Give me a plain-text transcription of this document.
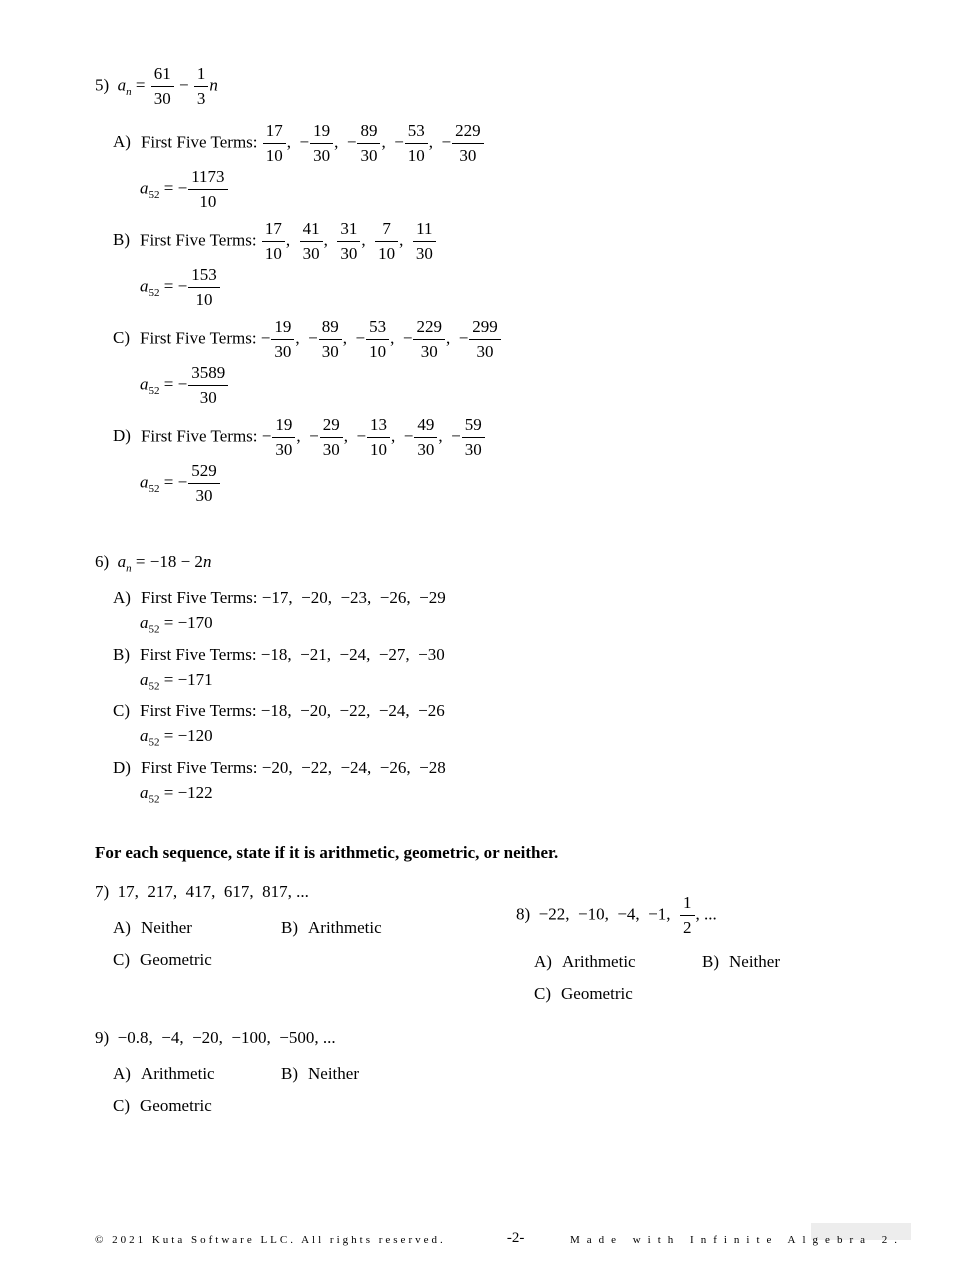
5)  $a_n = \frac{61}{30} - \frac{1}{3}$ n
A) First Five Terms: $\frac{17}{10}$ ,  − $\frac{19}{30}$ ,  − $\frac{89}{30}$ ,  − $\frac{53}{10}$ ,  − $\frac{229}{30}$
$a_{52}$ = − $\frac{1173}{10}$
B) First Five Terms: $\frac{17}{10}$ , $\frac{41}{30}$ , $\frac{31}{30}$ , $\frac{7}{10}$ , $\frac{11}{30}$
$a_{52}$ = − $\frac{153}{10}$
C) First Five Terms: − $\frac{19}{30}$ ,  − $\frac{89}{30}$ ,  − $\frac{53}{10}$ ,  − $\frac{229}{30}$ ,  − $\frac{299}{30}$
$a_{52}$ = − $\frac{3589}{30}$
D) First Five Terms: − $\frac{19}{30}$ ,  − $\frac{29}{30}$ ,  − $\frac{13}{10}$ ,  − $\frac{49}{30}$ ,  − $\frac{59}{30}$
$a_{52}$ = − $\frac{529}{30}$
6)  $a_n = -18 - 2n$
A) First Five Terms: −17,  −20,  −23,  −26,  −29
$a_{52} = -170$
B) First Five Terms: −18,  −21,  −24,  −27,  −30
$a_{52} = -171$
C) First Five Terms: −18,  −20,  −22,  −24,  −26
$a_{52} = -120$
D) First Five Terms: −20,  −22,  −24,  −26,  −28
$a_{52} = -122$
For each sequence, state if it is arithmetic, geometric, or neither.
7)  17,  217,  417,  617,  817, ...
A) Neither	B) Arithmetic
C) Geometric
8)  −22,  −10,  −4,  −1, $\frac{1}{2}$ , ...
A) Arithmetic	B) Neither
C) Geometric
9)  −0.8,  −4,  −20,  −100,  −500, ...
A) Arithmetic	B) Neither
C) Geometric
© 2021 Kuta Software LLC. All rights reserved.	-2-	Made with Infinite Algebra 2.
